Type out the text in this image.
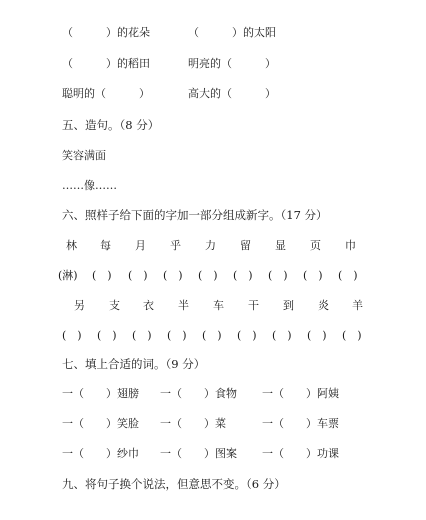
（　　　）的花朵	（　　　）的太阳
（　　　）的稻田	明亮的（　　　）
聪明的（　　　）	高大的（　　　）
五、造句。（8 分）
笑容满面
……像……
六、照样子给下面的字加一部分组成新字。（17 分）
林 每 月 乎 力 留 显 页 巾
(淋) (　) (　) (　) (　) (　) (　) (　) (　)
另 支 衣 半 车 干 到 炎 羊
(　) (　) (　) (　) (　) (　) (　) (　) (　)
七、填上合适的词。（9 分）
一（　　）翅膀 一（　　）食物 一（　　）阿姨
一（　　）笑脸 一（　　）菜	一（　　）车票
一（　　）纱巾 一（　　）图案 一（　　）功课
九、将句子换个说法，但意思不变。（6 分）
